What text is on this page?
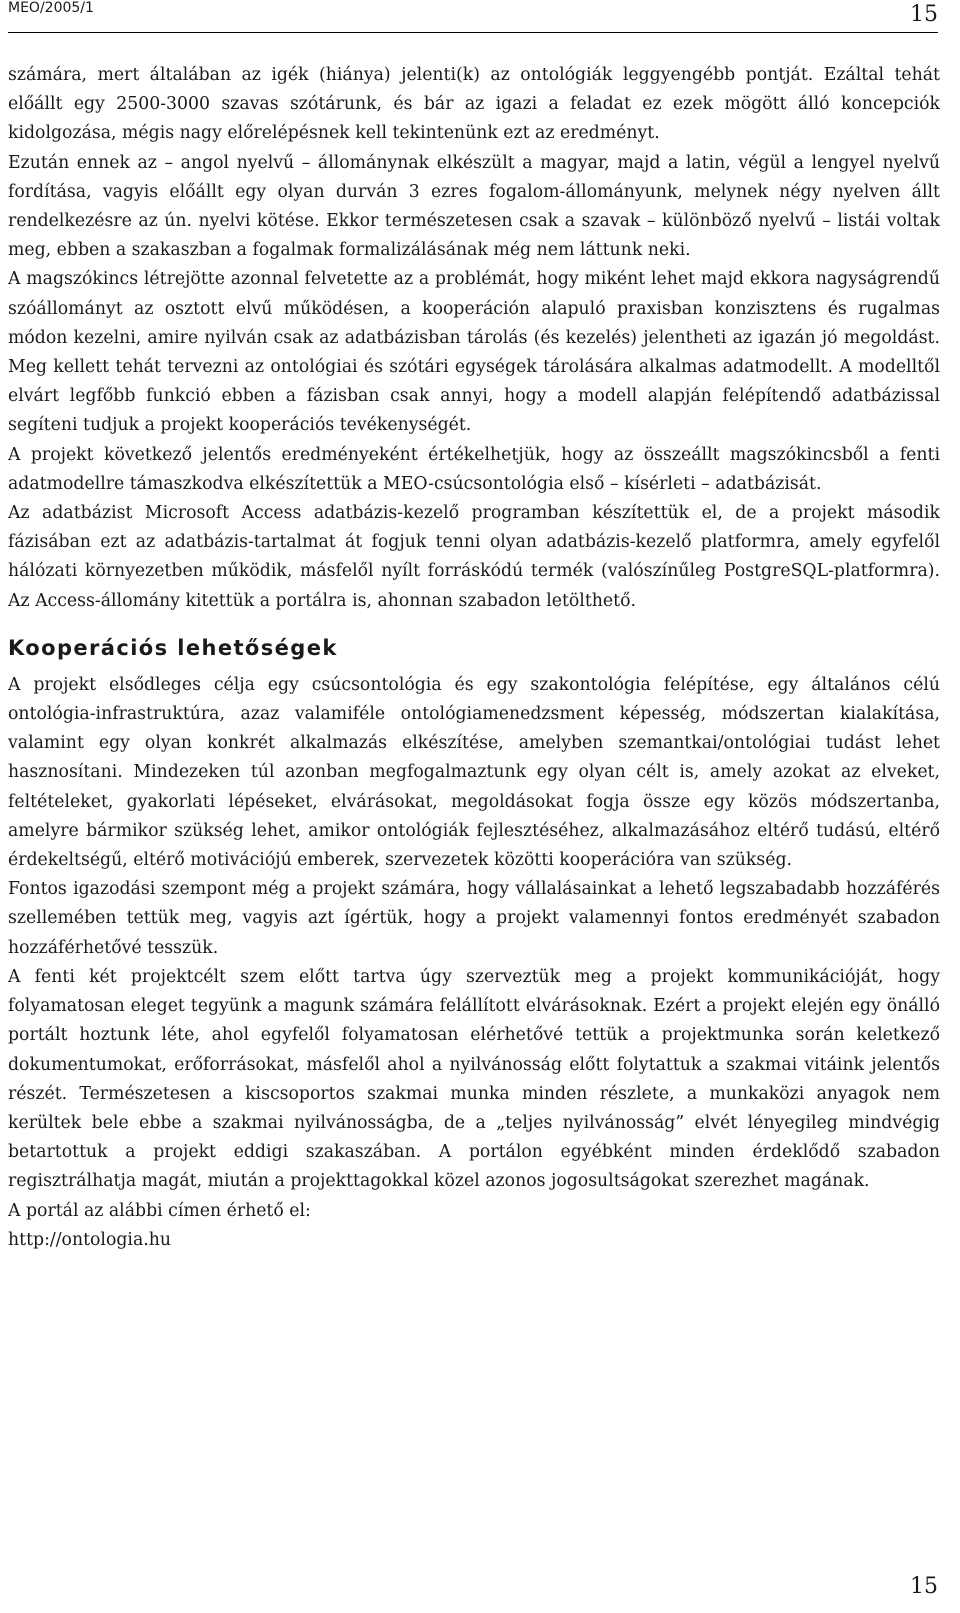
MEO/2005/1	15

számára, mert általában az igék (hiánya) jelenti(k) az ontológiák leggyengébb pontját. Ezáltal tehát előállt egy 2500-3000 szavas szótárunk, és bár az igazi a feladat ez ezek mögött álló koncepciók kidolgozása, mégis nagy előrelépésnek kell tekintenünk ezt az eredményt.

Ezután ennek az – angol nyelvű – állománynak elkészült a magyar, majd a latin, végül a lengyel nyelvű fordítása, vagyis előállt egy olyan durván 3 ezres fogalom-állományunk, melynek négy nyelven állt rendelkezésre az ún. nyelvi kötése. Ekkor természetesen csak a szavak – különböző nyelvű – listái voltak meg, ebben a szakaszban a fogalmak formalizálásának még nem láttunk neki.

A magszókincs létrejötte azonnal felvetette az a problémát, hogy miként lehet majd ekkora nagyságrendű szóállományt az osztott elvű működésen, a kooperáción alapuló praxisban konzisztens és rugalmas módon kezelni, amire nyilván csak az adatbázisban tárolás (és kezelés) jelentheti az igazán jó megoldást. Meg kellett tehát tervezni az ontológiai és szótári egységek tárolására alkalmas adatmodellt. A modelltől elvárt legfőbb funkció ebben a fázisban csak annyi, hogy a modell alapján felépítendő adatbázissal segíteni tudjuk a projekt kooperációs tevékenységét.

A projekt következő jelentős eredményeként értékelhetjük, hogy az összeállt magszókincsből a fenti adatmodellre támaszkodva elkészítettük a MEO-csúcsontológia első – kísérleti – adatbázisát.

Az adatbázist Microsoft Access adatbázis-kezelő programban készítettük el, de a projekt második fázisában ezt az adatbázis-tartalmat át fogjuk tenni olyan adatbázis-kezelő platformra, amely egyfelől hálózati környezetben működik, másfelől nyílt forráskódú termék (valószínűleg PostgreSQL-platformra). Az Access-állomány kitettük a portálra is, ahonnan szabadon letölthető.

Kooperációs lehetőségek

A projekt elsődleges célja egy csúcsontológia és egy szakontológia felépítése, egy általános célú ontológia-infrastruktúra, azaz valamiféle ontológiamenedzsment képesség, módszertan kialakítása, valamint egy olyan konkrét alkalmazás elkészítése, amelyben szemantkai/ontológiai tudást lehet hasznosítani. Mindezeken túl azonban megfogalmaztunk egy olyan célt is, amely azokat az elveket, feltételeket, gyakorlati lépéseket, elvárásokat, megoldásokat fogja össze egy közös módszertanba, amelyre bármikor szükség lehet, amikor ontológiák fejlesztéséhez, alkalmazásához eltérő tudású, eltérő érdekeltségű, eltérő motivációjú emberek, szervezetek közötti kooperációra van szükség.

Fontos igazodási szempont még a projekt számára, hogy vállalásainkat a lehető legszabadabb hozzáférés szellemében tettük meg, vagyis azt ígértük, hogy a projekt valamennyi fontos eredményét szabadon hozzáférhetővé tesszük.

A fenti két projektcélt szem előtt tartva úgy szerveztük meg a projekt kommunikációját, hogy folyamatosan eleget tegyünk a magunk számára felállított elvárásoknak. Ezért a projekt elején egy önálló portált hoztunk léte, ahol egyfelől folyamatosan elérhetővé tettük a projektmunka során keletkező dokumentumokat, erőforrásokat, másfelől ahol a nyilvánosság előtt folytattuk a szakmai vitáink jelentős részét. Természetesen a kiscsoportos szakmai munka minden részlete, a munkaközi anyagok nem kerültek bele ebbe a szakmai nyilvánosságba, de a „teljes nyilvánosság” elvét lényegileg mindvégig betartottuk a projekt eddigi szakaszában. A portálon egyébként minden érdeklődő szabadon regisztrálhatja magát, miután a projekttagokkal közel azonos jogosultságokat szerezhet magának.

A portál az alábbi címen érhető el:

http://ontologia.hu

15
